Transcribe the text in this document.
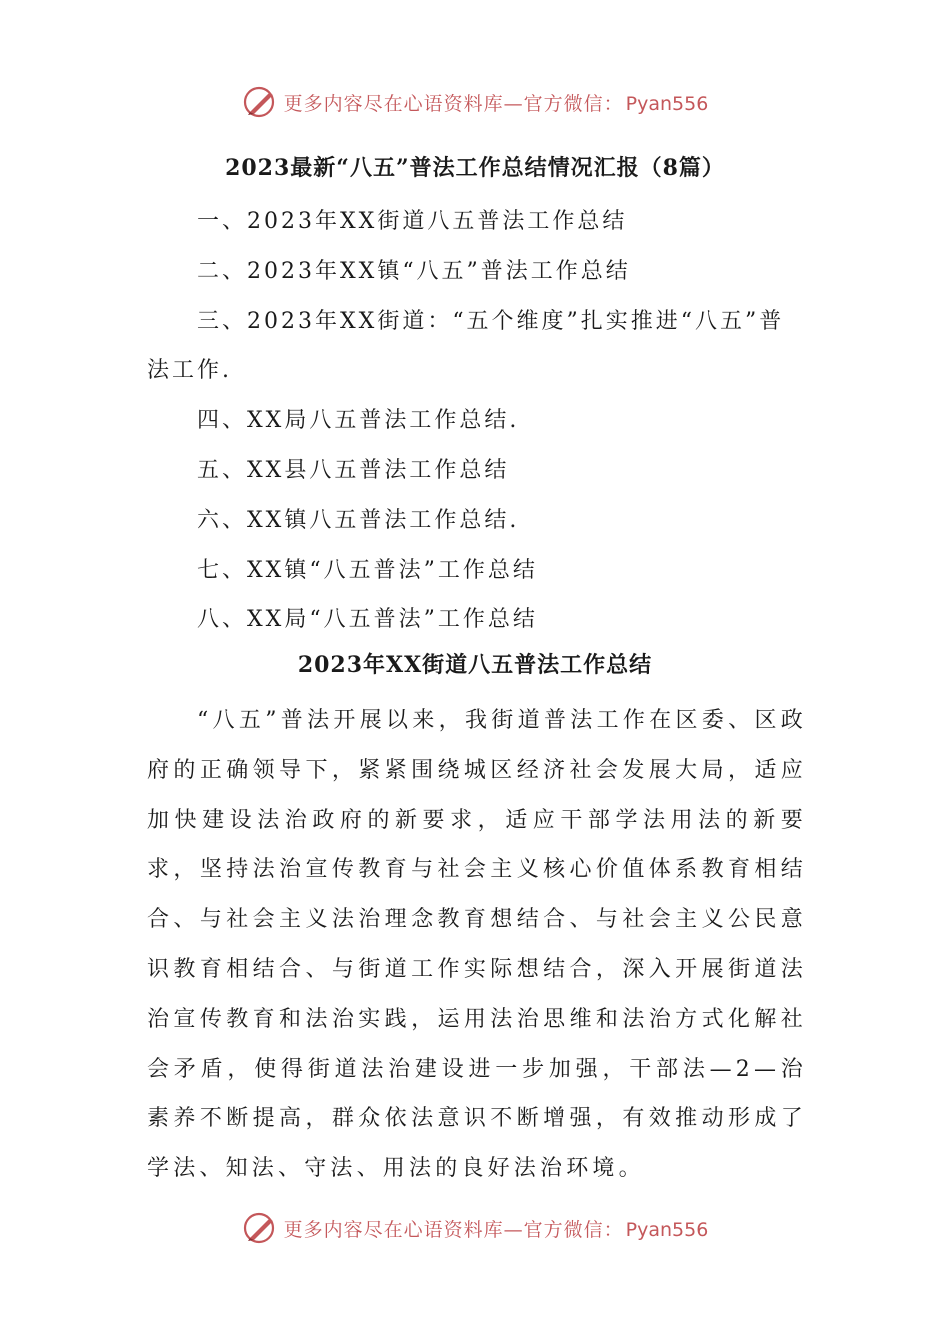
更多内容尽在心语资料库—官方微信： Pyan556
2023最新“八五”普法工作总结情况汇报（8篇）
一、2023年XX街道八五普法工作总结
二、2023年XX镇“八五”普法工作总结
三、2023年XX街道：“五个维度”扎实推进“八五”普法工作.
四、XX局八五普法工作总结.
五、XX县八五普法工作总结
六、XX镇八五普法工作总结.
七、XX镇“八五普法”工作总结
八、XX局“八五普法”工作总结
2023年XX街道八五普法工作总结

“八五”普法开展以来，我街道普法工作在区委、区政府的正确领导下，紧紧围绕城区经济社会发展大局，适应加快建设法治政府的新要求，适应干部学法用法的新要求，坚持法治宣传教育与社会主义核心价值体系教育相结合、与社会主义法治理念教育想结合、与社会主义公民意识教育相结合、与街道工作实际想结合，深入开展街道法治宣传教育和法治实践，运用法治思维和法治方式化解社会矛盾，使得街道法治建设进一步加强，干部法—2—治素养不断提高，群众依法意识不断增强，有效推动形成了学法、知法、守法、用法的良好法治环境。

更多内容尽在心语资料库—官方微信： Pyan556
